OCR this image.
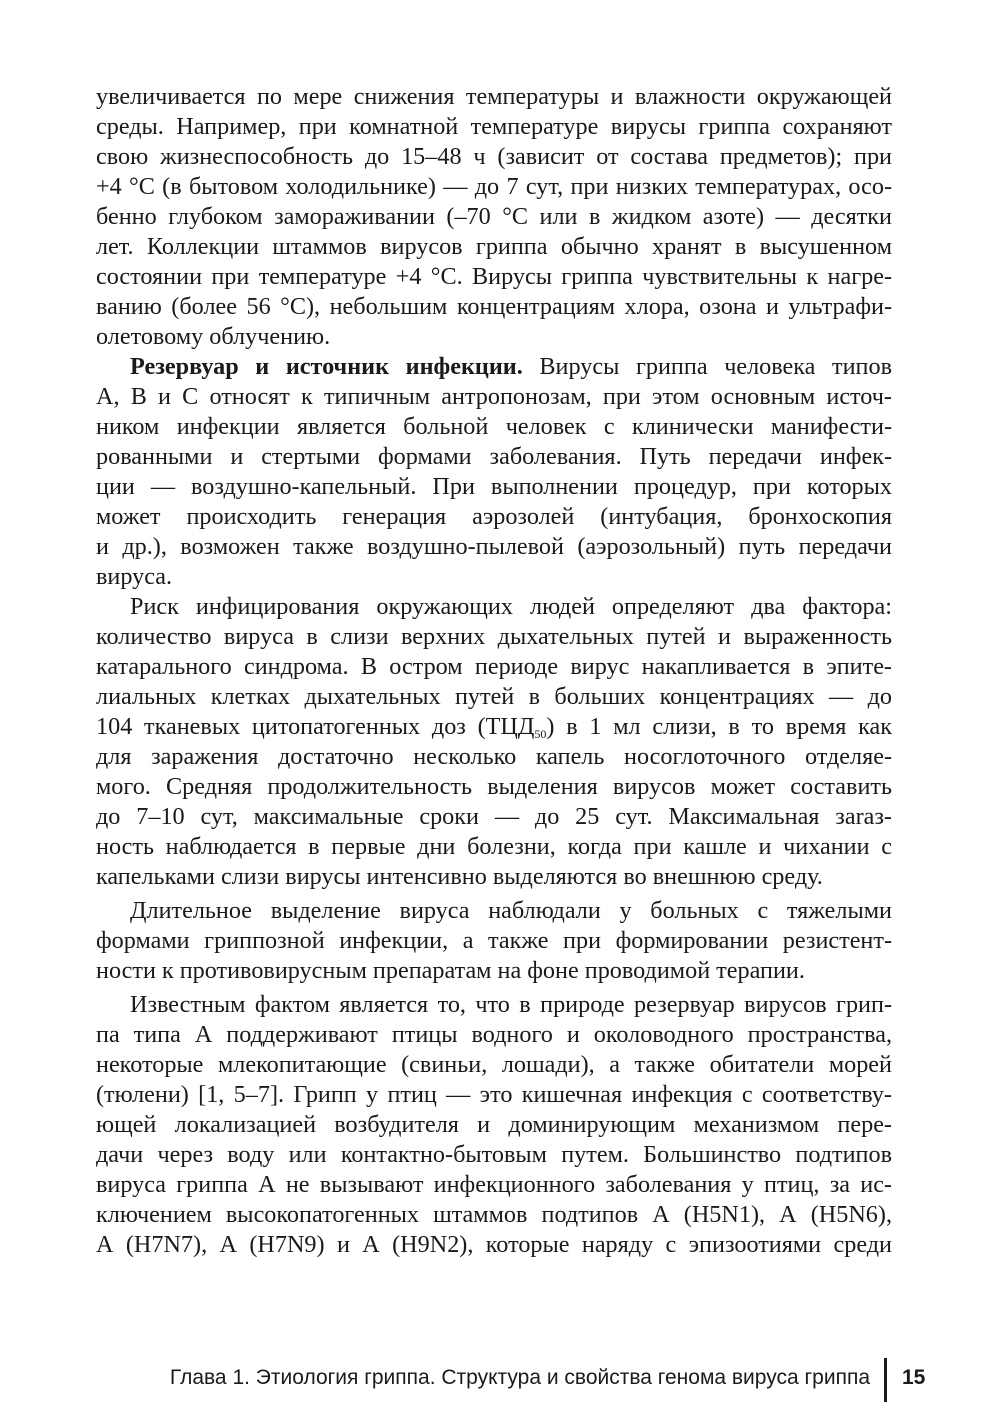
увеличивается по мере снижения температуры и влажности окружающей
среды. Например, при комнатной температуре вирусы гриппа сохраняют
свою жизнеспособность до 15–48 ч (зависит от состава предметов); при
+4 °С (в бытовом холодильнике) — до 7 сут, при низких температурах, осо-
бенно глубоком замораживании (–70 °С или в жидком азоте) — десятки
лет. Коллекции штаммов вирусов гриппа обычно хранят в высушенном
состоянии при температуре +4 °С. Вирусы гриппа чувствительны к нагре-
ванию (более 56 °С), небольшим концентрациям хлора, озона и ультрафи-
олетовому облучению.
Резервуар и источник инфекции. Вирусы гриппа человека типов
А, В и С относят к типичным антропонозам, при этом основным источ-
ником инфекции является больной человек с клинически манифести-
рованными и стертыми формами заболевания. Путь передачи инфек-
ции — воздушно-капельный. При выполнении процедур, при которых
может происходить генерация аэрозолей (интубация, бронхоскопия
и др.), возможен также воздушно-пылевой (аэрозольный) путь передачи
вируса.
Риск инфицирования окружающих людей определяют два фактора:
количество вируса в слизи верхних дыхательных путей и выраженность
катарального синдрома. В остром периоде вирус накапливается в эпите-
лиальных клетках дыхательных путей в больших концентрациях — до
104 тканевых цитопатогенных доз $(ТЦД_{50})$ в 1 мл слизи, в то время как
для заражения достаточно несколько капель носоглоточного отделяе-
мого. Средняя продолжительность выделения вирусов может составить
до 7–10 сут, максимальные сроки — до 25 сут. Максимальная заraз-
ность наблюдается в первые дни болезни, когда при кашле и чихании с
капельками слизи вирусы интенсивно выделяются во внешнюю среду.
Длительное выделение вируса наблюдали у больных с тяжелыми
формами гриппозной инфекции, а также при формировании резистент-
ности к противовирусным препаратам на фоне проводимой терапии.
Известным фактом является то, что в природе резервуар вирусов грип-
па типа А поддерживают птицы водного и околоводного пространства,
некоторые млекопитающие (свиньи, лошади), а также обитатели морей
(тюлени) [1, 5–7]. Грипп у птиц — это кишечная инфекция с соответству-
ющей локализацией возбудителя и доминирующим механизмом пере-
дачи через воду или контактно-бытовым путем. Большинство подтипов
вируса гриппа А не вызывают инфекционного заболевания у птиц, за ис-
ключением высокопатогенных штаммов подтипов А (H5N1), А (H5N6),
А (H7N7), А (H7N9) и А (H9N2), которые наряду с эпизоотиями среди
Глава 1. Этиология гриппа. Структура и свойства генома вируса гриппа 15
